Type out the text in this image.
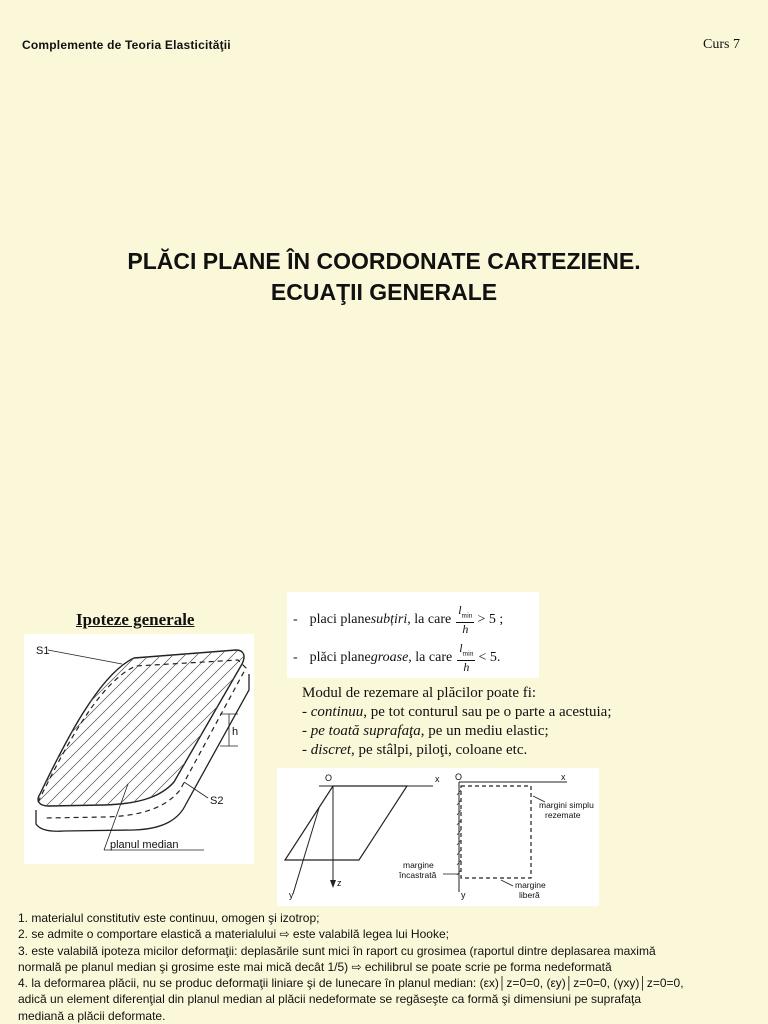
Complemente de Teoria Elasticităţii	Curs 7
PLĂCI PLANE ÎN COORDONATE CARTEZIENE.
ECUAŢII GENERALE
Ipoteze generale
h
S1
S2
planul median
- placi plane subțiri , la care $\frac{l_{min}}{h} > 5$ ;
- plăci plane groase , la care $\frac{l_{min}}{h} < 5$.
Modul de rezemare al plăcilor poate fi:
- continuu, pe tot conturul sau pe o parte a acestuia;
- pe toată suprafaţa, pe un mediu elastic;
- discret, pe stâlpi, piloţi, coloane etc.
O	x
z
y
O	x
y
margini simplu
rezemate
margine
încastrată
margine
liberă
1. materialul constitutiv este continuu, omogen şi izotrop;
2. se admite o comportare elastică a materialului ⇨ este valabilă legea lui Hooke;
3. este valabilă ipoteza micilor deformaţii: deplasările sunt mici în raport cu grosimea (raportul dintre deplasarea maximă
normală pe planul median şi grosime este mai mică decât 1/5) ⇨ echilibrul se poate scrie pe forma nedeformată
4. la deformarea plăcii, nu se produc deformaţii liniare şi de lunecare în planul median: (εx)│z=0=0, (εy)│z=0=0, (γxy)│z=0=0,
adică un element diferenţial din planul median al plăcii nedeformate se regăseşte ca formă şi dimensiuni pe suprafaţa
mediană a plăcii deformate.
